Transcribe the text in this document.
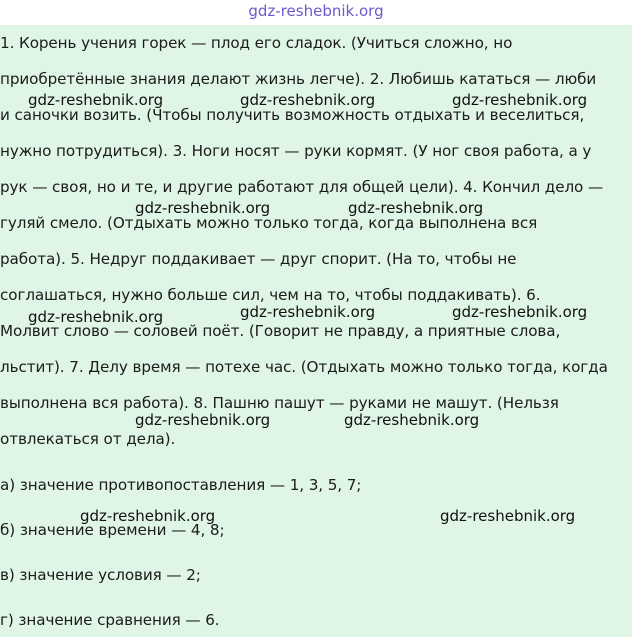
gdz-reshebnik.org
1. Корень учения горек — плод его сладок. (Учиться сложно, но
приобретённые знания делают жизнь легче). 2. Любишь кататься — люби
и саночки возить. (Чтобы получить возможность отдыхать и веселиться,
нужно потрудиться). 3. Ноги носят — руки кормят. (У ног своя работа, а у
рук — своя, но и те, и другие работают для общей цели). 4. Кончил дело —
гуляй смело. (Отдыхать можно только тогда, когда выполнена вся
работа). 5. Недруг поддакивает — друг спорит. (На то, чтобы не
соглашаться, нужно больше сил, чем на то, чтобы поддакивать). 6.
Молвит слово — соловей поёт. (Говорит не правду, а приятные слова,
льстит). 7. Делу время — потехе час. (Отдыхать можно только тогда, когда
выполнена вся работа). 8. Пашню пашут — руками не машут. (Нельзя
отвлекаться от дела).
а) значение противопоставления — 1, 3, 5, 7;
б) значение времени — 4, 8;
в) значение условия — 2;
г) значение сравнения — 6.
gdz-reshebnik.org	gdz-reshebnik.org	gdz-reshebnik.org
gdz-reshebnik.org	gdz-reshebnik.org
gdz-reshebnik.org	gdz-reshebnik.org	gdz-reshebnik.org
gdz-reshebnik.org	gdz-reshebnik.org
gdz-reshebnik.org	gdz-reshebnik.org
